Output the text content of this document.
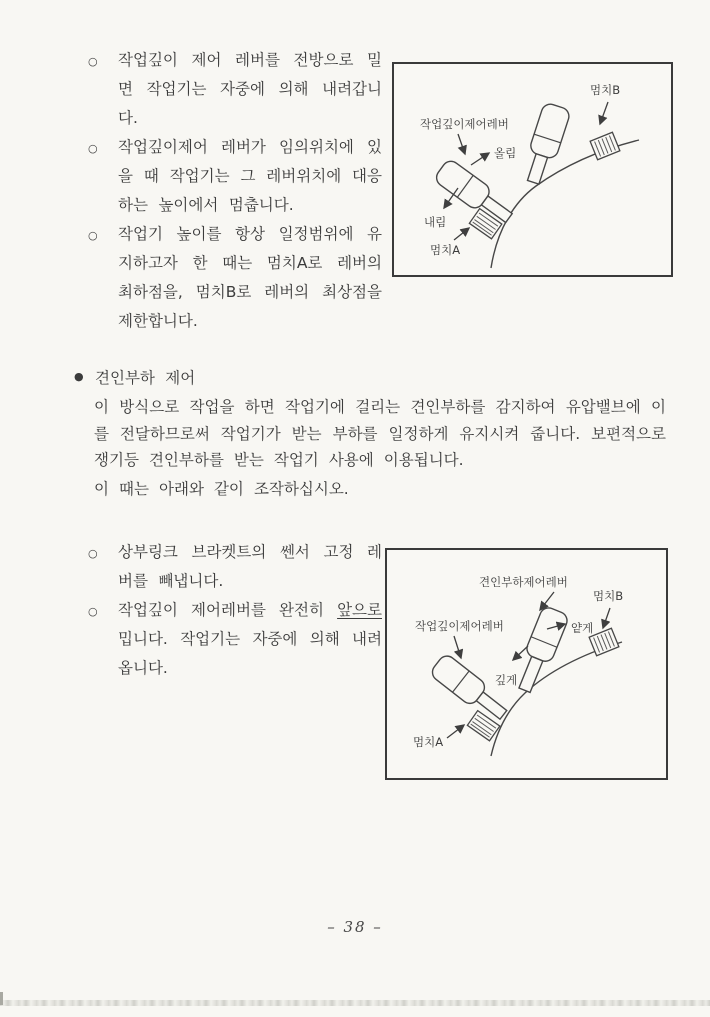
○	작업깊이 제어 레버를 전방으로 밀면 작업기는 자중에 의해 내려갑니다.
○	작업깊이제어 레버가 임의위치에 있을 때 작업기는 그 레버위치에 대응하는 높이에서 멈춥니다.
○	작업기 높이를 항상 일정범위에 유지하고자 한 때는 멈치A로 레버의 최하점을, 멈치B로 레버의 최상점을 제한합니다.
멈치B
작업깊이제어레버
올림
내림
멈치A
● 견인부하 제어
이 방식으로 작업을 하면 작업기에 걸리는 견인부하를 감지하여 유압밸브에 이를 전달하므로써 작업기가 받는 부하를 일정하게 유지시켜 줍니다. 보편적으로 쟁기등 견인부하를 받는 작업기 사용에 이용됩니다.
이 때는 아래와 같이 조작하십시오.
○	상부링크 브라켓트의 쎈서 고정 레버를 빼냅니다.
○	작업깊이 제어레버를 완전히 앞으로 밉니다. 작업기는 자중에 의해 내려옵니다.
견인부하제어레버
멈치B
작업깊이제어레버	얕게
깊게
멈치A
– 38 –
